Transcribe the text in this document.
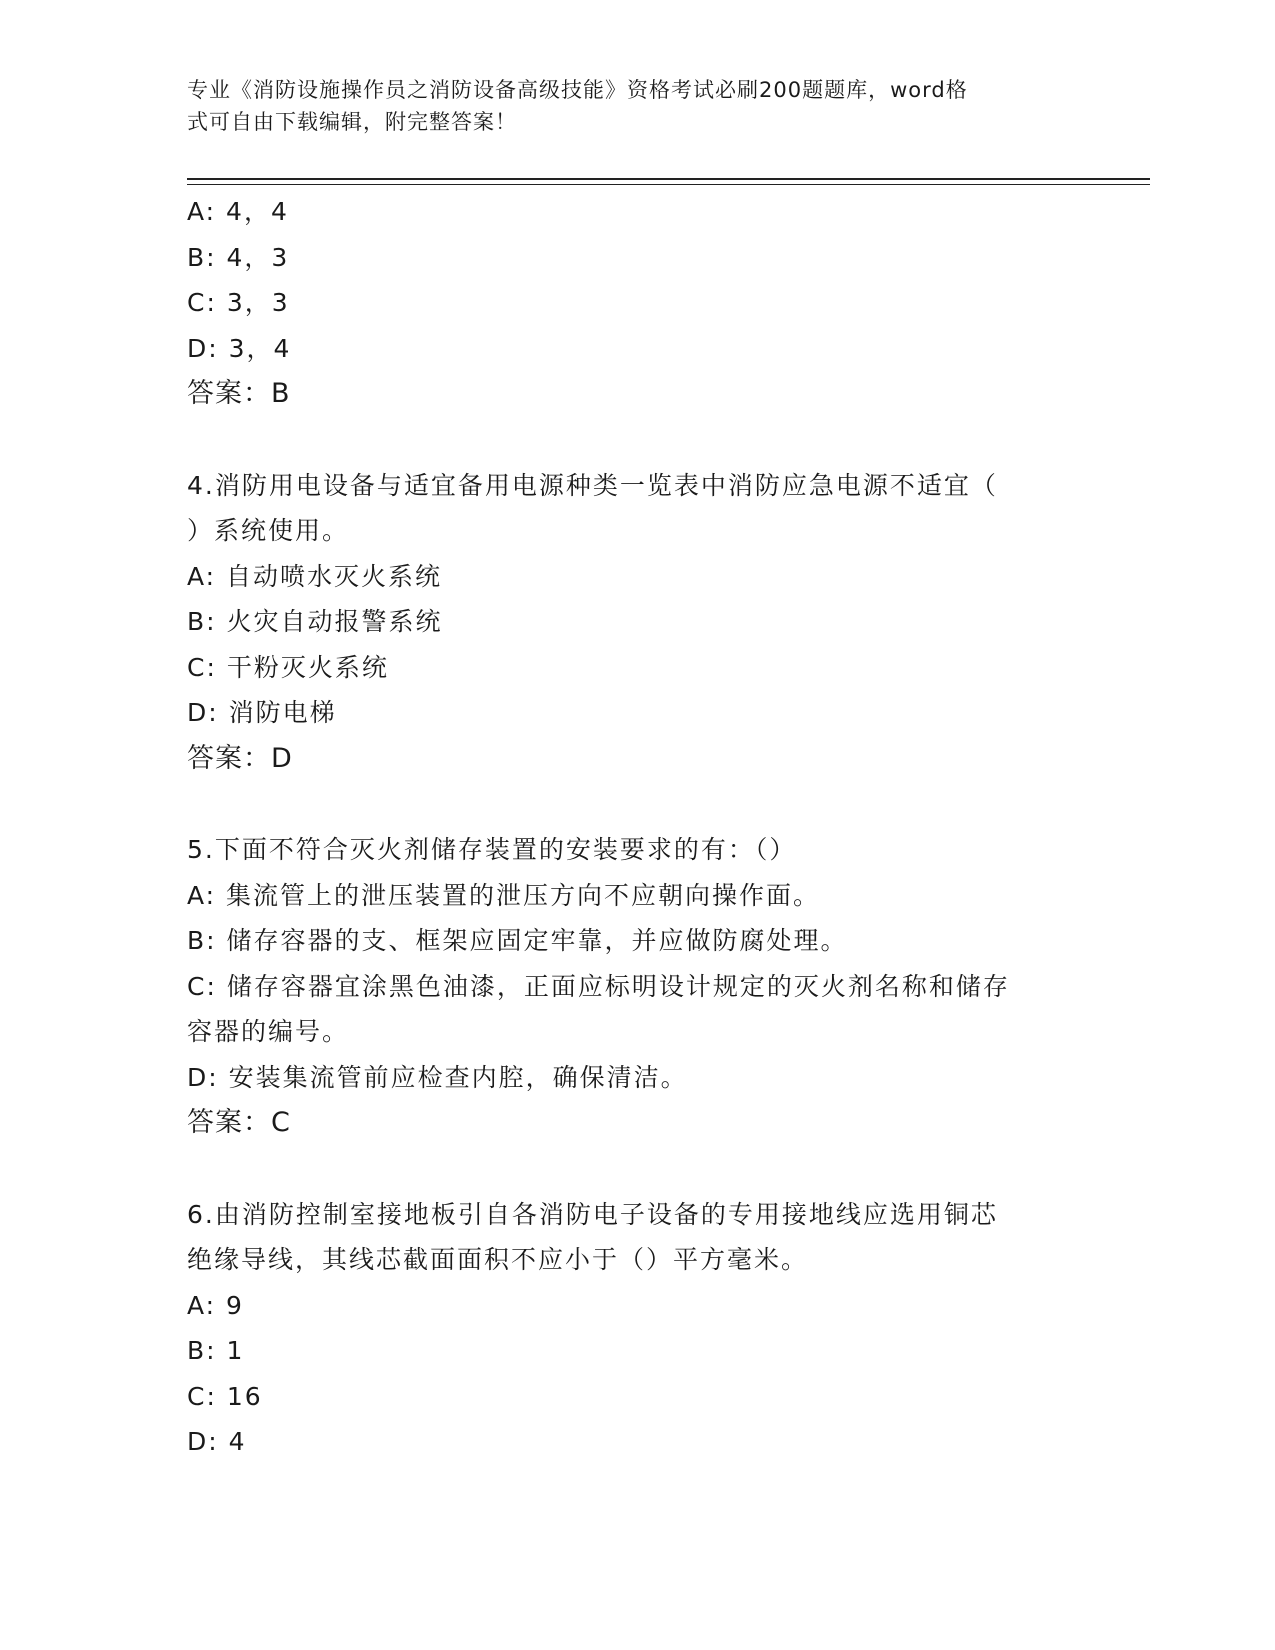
专业《消防设施操作员之消防设备高级技能》资格考试必刷200题题库，word格
式可自由下载编辑，附完整答案！
A: 4，4
B: 4，3
C: 3，3
D: 3，4
答案：B
4.消防用电设备与适宜备用电源种类一览表中消防应急电源不适宜（
）系统使用。
A: 自动喷水灭火系统
B: 火灾自动报警系统
C: 干粉灭火系统
D: 消防电梯
答案：D
5.下面不符合灭火剂储存装置的安装要求的有：（）
A: 集流管上的泄压装置的泄压方向不应朝向操作面。
B: 储存容器的支、框架应固定牢靠，并应做防腐处理。
C: 储存容器宜涂黑色油漆，正面应标明设计规定的灭火剂名称和储存
容器的编号。
D: 安装集流管前应检查内腔，确保清洁。
答案：C
6.由消防控制室接地板引自各消防电子设备的专用接地线应选用铜芯
绝缘导线，其线芯截面面积不应小于（）平方毫米。
A: 9
B: 1
C: 16
D: 4
